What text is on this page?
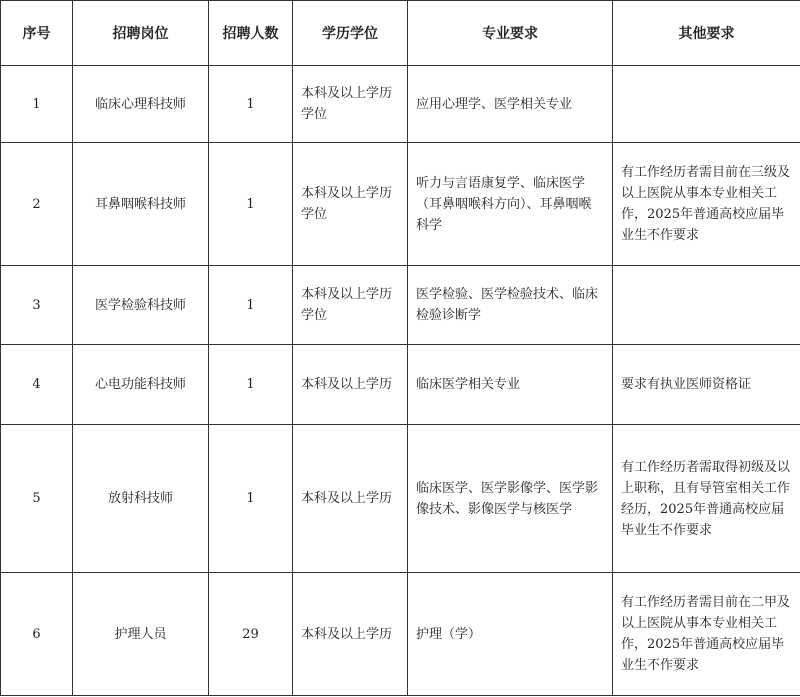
序号	招聘岗位	招聘人数	学历学位	专业要求	其他要求
1	临床心理科技师	1	本科及以上学历学位	应用心理学、医学相关专业	
2	耳鼻咽喉科技师	1	本科及以上学历学位	听力与言语康复学、临床医学（耳鼻咽喉科方向）、耳鼻咽喉科学	有工作经历者需目前在三级及以上医院从事本专业相关工作，2025年普通高校应届毕业生不作要求
3	医学检验科技师	1	本科及以上学历学位	医学检验、医学检验技术、临床检验诊断学	
4	心电功能科技师	1	本科及以上学历	临床医学相关专业	要求有执业医师资格证
5	放射科技师	1	本科及以上学历	临床医学、医学影像学、医学影像技术、影像医学与核医学	有工作经历者需取得初级及以上职称，且有导管室相关工作经历，2025年普通高校应届毕业生不作要求
6	护理人员	29	本科及以上学历	护理（学）	有工作经历者需目前在二甲及以上医院从事本专业相关工作，2025年普通高校应届毕业生不作要求
